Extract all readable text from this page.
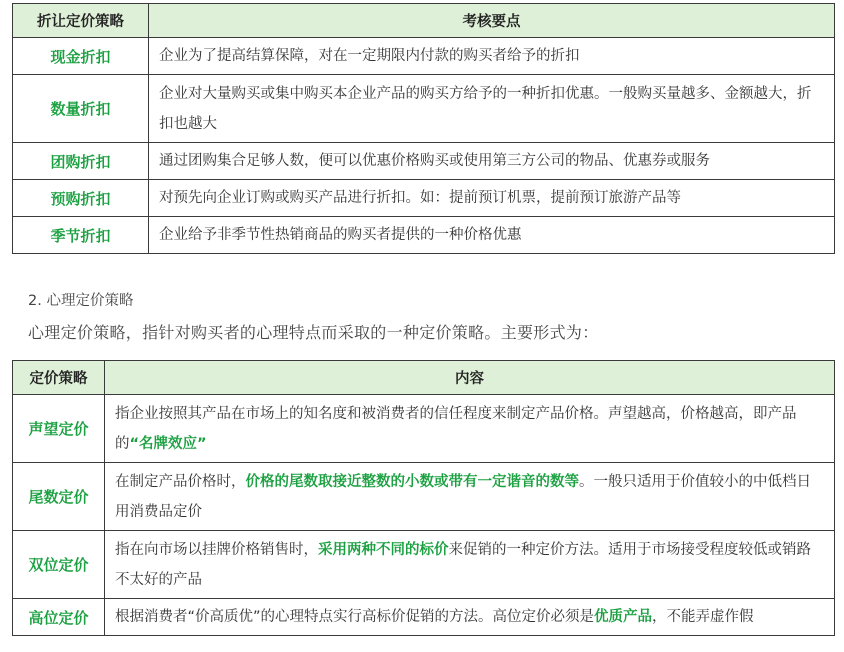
折让定价策略	考核要点
现金折扣	企业为了提高结算保障，对在一定期限内付款的购买者给予的折扣
数量折扣	企业对大量购买或集中购买本企业产品的购买方给予的一种折扣优惠。一般购买量越多、金额越大，折扣也越大
团购折扣	通过团购集合足够人数，便可以优惠价格购买或使用第三方公司的物品、优惠券或服务
预购折扣	对预先向企业订购或购买产品进行折扣。如：提前预订机票，提前预订旅游产品等
季节折扣	企业给予非季节性热销商品的购买者提供的一种价格优惠
2. 心理定价策略
心理定价策略，指针对购买者的心理特点而采取的一种定价策略。主要形式为：
定价策略	内容
声望定价	指企业按照其产品在市场上的知名度和被消费者的信任程度来制定产品价格。声望越高，价格越高，即产品的“名牌效应”
尾数定价	在制定产品价格时，价格的尾数取接近整数的小数或带有一定谐音的数等。一般只适用于价值较小的中低档日用消费品定价
双位定价	指在向市场以挂牌价格销售时，采用两种不同的标价来促销的一种定价方法。适用于市场接受程度较低或销路不太好的产品
高位定价	根据消费者“价高质优”的心理特点实行高标价促销的方法。高位定价必须是优质产品，不能弄虚作假
